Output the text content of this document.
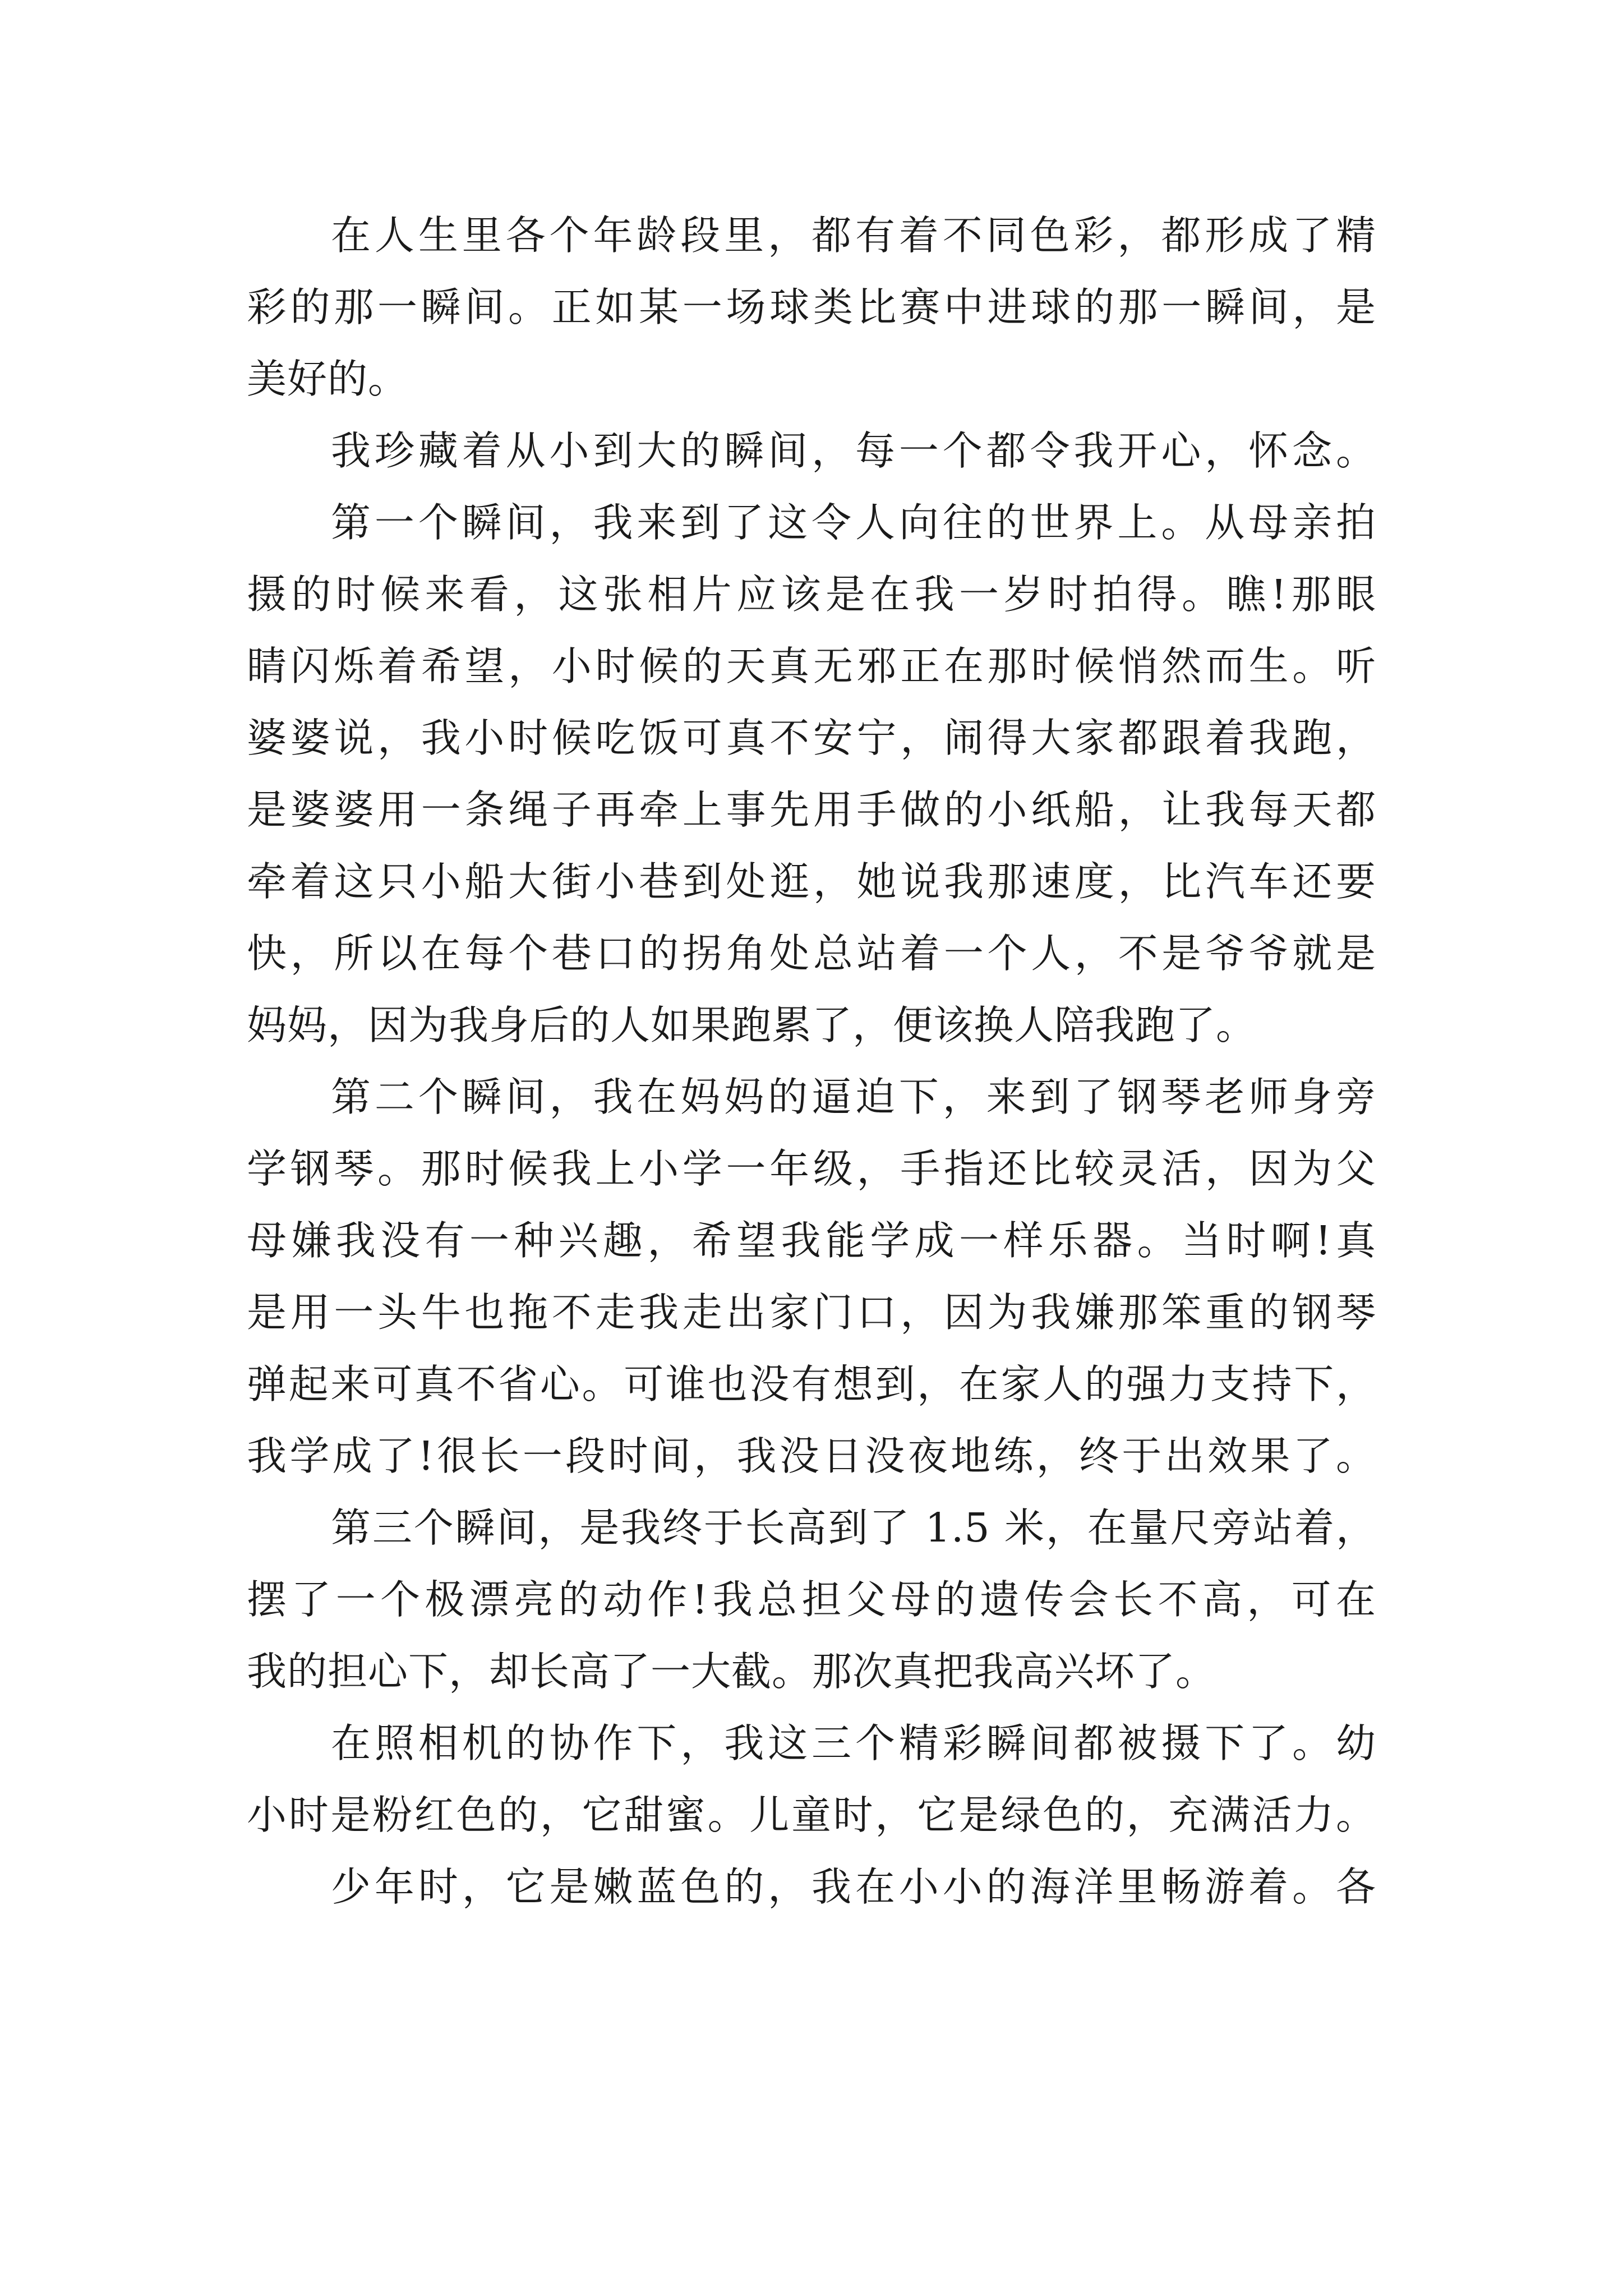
在人生里各个年龄段里，都有着不同色彩，都形成了精
彩的那一瞬间。正如某一场球类比赛中进球的那一瞬间，是
美好的。
我珍藏着从小到大的瞬间，每一个都令我开心，怀念。
第一个瞬间，我来到了这令人向往的世界上。从母亲拍
摄的时候来看，这张相片应该是在我一岁时拍得。瞧!那眼
睛闪烁着希望，小时候的天真无邪正在那时候悄然而生。听
婆婆说，我小时候吃饭可真不安宁，闹得大家都跟着我跑，
是婆婆用一条绳子再牵上事先用手做的小纸船，让我每天都
牵着这只小船大街小巷到处逛，她说我那速度，比汽车还要
快，所以在每个巷口的拐角处总站着一个人，不是爷爷就是
妈妈，因为我身后的人如果跑累了，便该换人陪我跑了。
第二个瞬间，我在妈妈的逼迫下，来到了钢琴老师身旁
学钢琴。那时候我上小学一年级，手指还比较灵活，因为父
母嫌我没有一种兴趣，希望我能学成一样乐器。当时啊!真
是用一头牛也拖不走我走出家门口，因为我嫌那笨重的钢琴
弹起来可真不省心。可谁也没有想到，在家人的强力支持下，
我学成了!很长一段时间，我没日没夜地练，终于出效果了。
第三个瞬间，是我终于长高到了 1.5 米，在量尺旁站着，
摆了一个极漂亮的动作!我总担父母的遗传会长不高，可在
我的担心下，却长高了一大截。那次真把我高兴坏了。
在照相机的协作下，我这三个精彩瞬间都被摄下了。幼
小时是粉红色的，它甜蜜。儿童时，它是绿色的，充满活力。
少年时，它是嫩蓝色的，我在小小的海洋里畅游着。各
